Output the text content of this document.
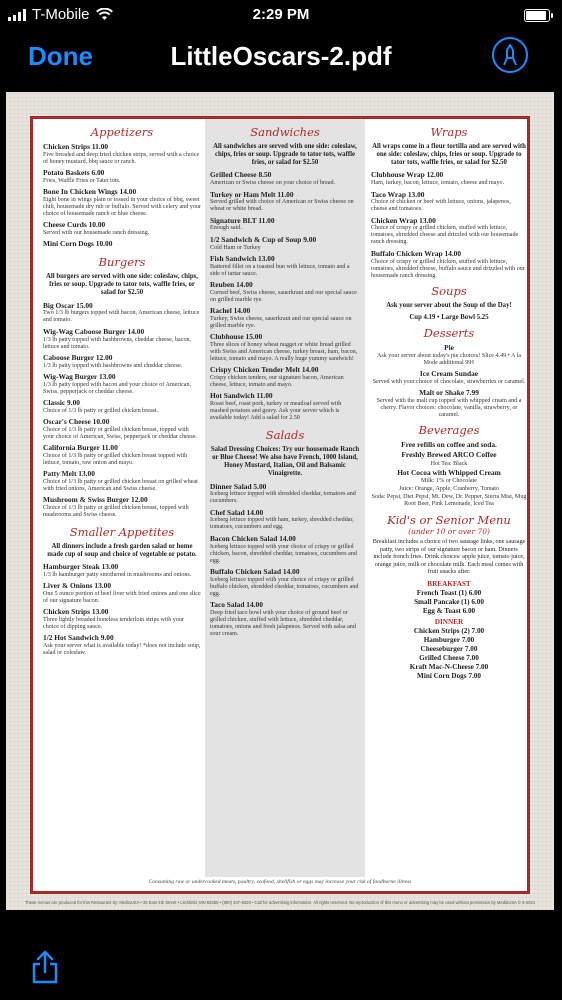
T-Mobile	2:29 PM
Done	LittleOscars-2.pdf
Appetizers
Chicken Strips 11.00
Five breaded and deep fried chicken strips, served with a choice of honey mustard, bbq sauce or ranch.
Potato Baskets 6.00
Fries, Waffle Fries or Tater tots.
Bone In Chicken Wings 14.00
Eight bone in wings plain or tossed in your choice of bbq, sweet chili, housemade dry rub or buffalo. Served with celery and your choice of housemade ranch or blue cheese.
Cheese Curds 10.00
Served with our housemade ranch dressing.
Mini Corn Dogs 10.00
Burgers
All burgers are served with one side: coleslaw, chips, fries or soup. Upgrade to tator tots, waffle fries, or salad for $2.50
Big Oscar 15.00
Two 1/3 lb burgers topped with bacon, American cheese, lettuce and tomato.
Wig-Wag Caboose Burger 14.00
1/3 lb patty topped with hashbrowns, cheddar cheese, bacon, lettuce and tomato.
Caboose Burger 12.00
1/3 lb patty topped with hashbrowns and cheddar cheese.
Wig-Wag Burger 13.00
1/3 lb patty topped with bacon and your choice of American, Swiss, pepperjack or cheddar cheese.
Classic 9.00
Choice of 1/3 lb patty or grilled chicken breast.
Oscar's Cheese 10.00
Choice of 1/3 lb patty or grilled chicken breast, topped with your choice of American, Swiss, pepperjack or cheddar cheese.
California Burger 11.00
Choice of 1/3 lb patty or grilled chicken breast topped with lettuce, tomato, raw onion and mayo.
Patty Melt 13.00
Choice of 1/3 lb patty or grilled chicken breast on grilled wheat with fried onions, American and Swiss cheese.
Mushroom & Swiss Burger 12.00
Choice of 1/3 lb patty or grilled chicken breast, topped with mushrooms and Swiss cheese.
Smaller Appetites
All dinners include a fresh garden salad or home made cup of soup and choice of vegetable or potato.
Hamburger Steak 13.00
1/3 lb hamburger patty smothered in mushrooms and onions.
Liver & Onions 13.00
One 5 ounce portion of beef liver with fried onions and one slice of our signature bacon.
Chicken Strips 13.00
Three lightly breaded boneless tenderloin strips with your choice of dipping sauce.
1/2 Hot Sandwich 9.00
Ask your server what is available today! *does not include soup, salad or coleslaw.
Sandwiches
All sandwiches are served with one side: coleslaw, chips, fries or soup. Upgrade to tator tots, waffle fries, or salad for $2.50
Grilled Cheese 8.50
American or Swiss cheese on your choice of bread.
Turkey or Ham Melt 11.00
Served grilled with choice of American or Swiss cheese on wheat or white bread.
Signature BLT 11.00
Enough said.
1/2 Sandwich & Cup of Soup 9.00
Cold Ham or Turkey
Fish Sandwich 13.00
Battered fillet on a toasted bun with lettuce, tomato and a side of tartar sauce.
Reuben 14.00
Corned beef, Swiss cheese, sauerkraut and our special sauce on grilled marble rye.
Rachel 14.00
Turkey, Swiss cheese, sauerkraut and our special sauce on grilled marble rye.
Clubhouse 15.00
Three slices of honey wheat nugget or white bread grilled with Swiss and American cheese, turkey breast, ham, bacon, lettuce, tomato and mayo. A really huge yummy sandwich!
Crispy Chicken Tender Melt 14.00
Crispy chicken tenders, our signature bacon, American cheese, lettuce, tomato and mayo.
Hot Sandwich 11.00
Roast beef, roast pork, turkey or meatloaf served with mashed potatoes and gravy. Ask your server which is available today! Add a salad for 2.50
Salads
Salad Dressing Choices: Try our housemade Ranch or Blue Cheese! We also have French, 1000 Island, Honey Mustard, Italian, Oil and Balsamic Vinaigrette.
Dinner Salad 5.00
Iceberg lettuce topped with shredded cheddar, tomatoes and cucumbers.
Chef Salad 14.00
Iceberg lettuce topped with ham, turkey, shredded cheddar, tomatoes, cucumbers and egg.
Bacon Chicken Salad 14.00
Iceberg lettuce topped with your choice of crispy or grilled chicken, bacon, shredded cheddar, tomatoes, cucumbers and egg.
Buffalo Chicken Salad 14.00
Iceberg lettuce topped with your choice of crispy or grilled buffalo chicken, shredded cheddar, tomatoes, cucumbers and egg.
Taco Salad 14.00
Deep fried taco bowl with your choice of ground beef or grilled chicken, stuffed with lettuce, shredded cheddar, tomatoes, onions and fresh jalapenos. Served with salsa and sour cream.
Wraps
All wraps come in a flour tortilla and are served with one side: coleslaw, chips, fries or soup. Upgrade to tator tots, waffle fries, or salad for $2.50
Clubhouse Wrap 12.00
Ham, turkey, bacon, lettuce, tomato, cheese and mayo.
Taco Wrap 13.00
Choice of chicken or beef with lettuce, onions, jalapenos, cheese and tomatoes.
Chicken Wrap 13.00
Choice of crispy or grilled chicken, stuffed with lettuce, tomatoes, shredded cheese and drizzled with our housemade ranch dressing.
Buffalo Chicken Wrap 14.00
Choice of crispy or grilled chicken, stuffed with lettuce, tomatoes, shredded cheese, buffalo sauce and drizzled with our housemade ranch dressing.
Soups
Ask your server about the Soup of the Day!
Cup 4.19 • Large Bowl 5.25
Desserts
Pie
Ask your server about today's pie choices! Slice 4.49 • A la Mode additional 99¢
Ice Cream Sundae
Served with your choice of chocolate, strawberries or caramel.
Malt or Shake 7.99
Served with the malt cup topped with whipped cream and a cherry. Flavor choices: chocolate, vanilla, strawberry, or caramel.
Beverages
Free refills on coffee and soda.
Freshly Brewed ARCO Coffee
Hot Tea: Black
Hot Cocoa with Whipped Cream
Milk: 1% or Chocolate
Juice: Orange, Apple, Cranberry, Tomato
Soda: Pepsi, Diet Pepsi, Mt. Dew, Dr. Pepper, Sierra Mist, Mug Root Beer, Pink Lemonade, Iced Tea
Kid's or Senior Menu
(under 10 or over 70)
Breakfast includes a choice of two sausage links, one sausage patty, two strips of our signature bacon or ham. Dinners include french fries. Drink choices: apple juice, tomato juice, orange juice, milk or chocolate milk. Each meal comes with fruit snacks after.
BREAKFAST
French Toast (1) 6.00
Small Pancake (1) 6.00
Egg & Toast 6.00
DINNER
Chicken Strips (2) 7.00
Hamburger 7.00
Cheeseburger 7.00
Grilled Cheese 7.00
Kraft Mac-N-Cheese 7.00
Mini Corn Dogs 7.00
Consuming raw or undercooked meats, poultry, seafood, shellfish or eggs may increase your risk of foodborne illness
These menus are produced for this Restaurant by: MediaUSA • 35 East 4th Street • Litchfield, MN 55355 • (800) 347-8526 • Call for advertising information. All rights reserved. No reproduction of this menu or advertising may be used without permission by MediaUSA © 9-2021
